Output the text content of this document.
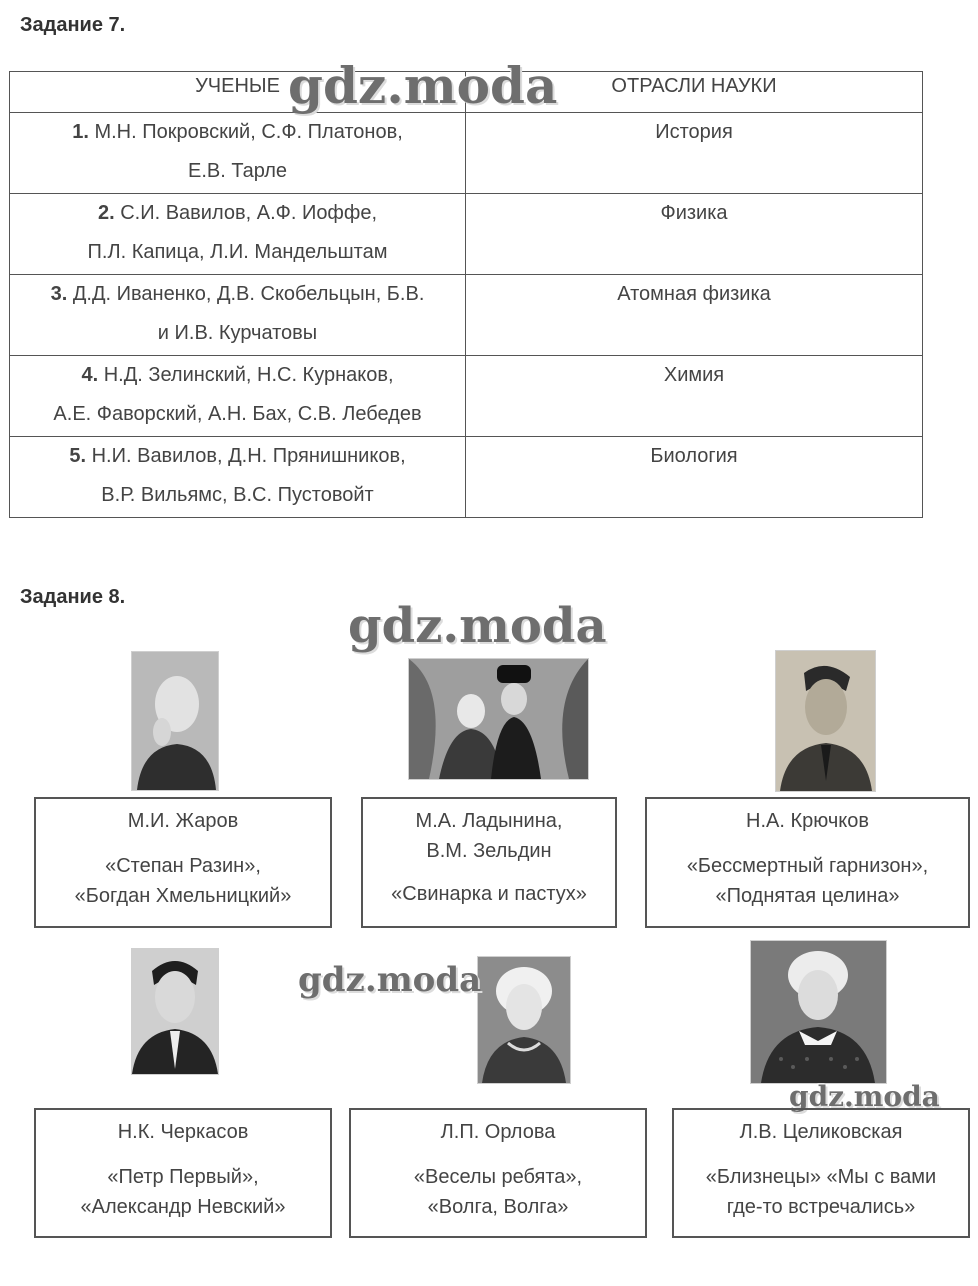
Задание 7.
УЧЕНЫЕ	ОТРАСЛИ НАУКИ
1. М.Н. Покровский, С.Ф. Платонов,
Е.В. Тарле	История
2. С.И. Вавилов, А.Ф. Иоффе,
П.Л. Капица, Л.И. Мандельштам	Физика
3. Д.Д. Иваненко, Д.В. Скобельцын, Б.В.
и И.В. Курчатовы	Атомная физика
4. Н.Д. Зелинский, Н.С. Курнаков,
А.Е. Фаворский, А.Н. Бах, С.В. Лебедев	Химия
5. Н.И. Вавилов, Д.Н. Прянишников,
В.Р. Вильямс, В.С. Пустовойт	Биология
gdz.moda
Задание 8.
gdz.moda
gdz.moda
gdz.moda
М.И. Жаров
«Степан Разин»,
«Богдан Хмельницкий»
М.А. Ладынина,
В.М. Зельдин
«Свинарка и пастух»
Н.А. Крючков
«Бессмертный гарнизон»,
«Поднятая целина»
Н.К. Черкасов
«Петр Первый»,
«Александр Невский»
Л.П. Орлова
«Веселы ребята»,
«Волга, Волга»
Л.В. Целиковская
«Близнецы» «Мы с вами
где-то встречались»
